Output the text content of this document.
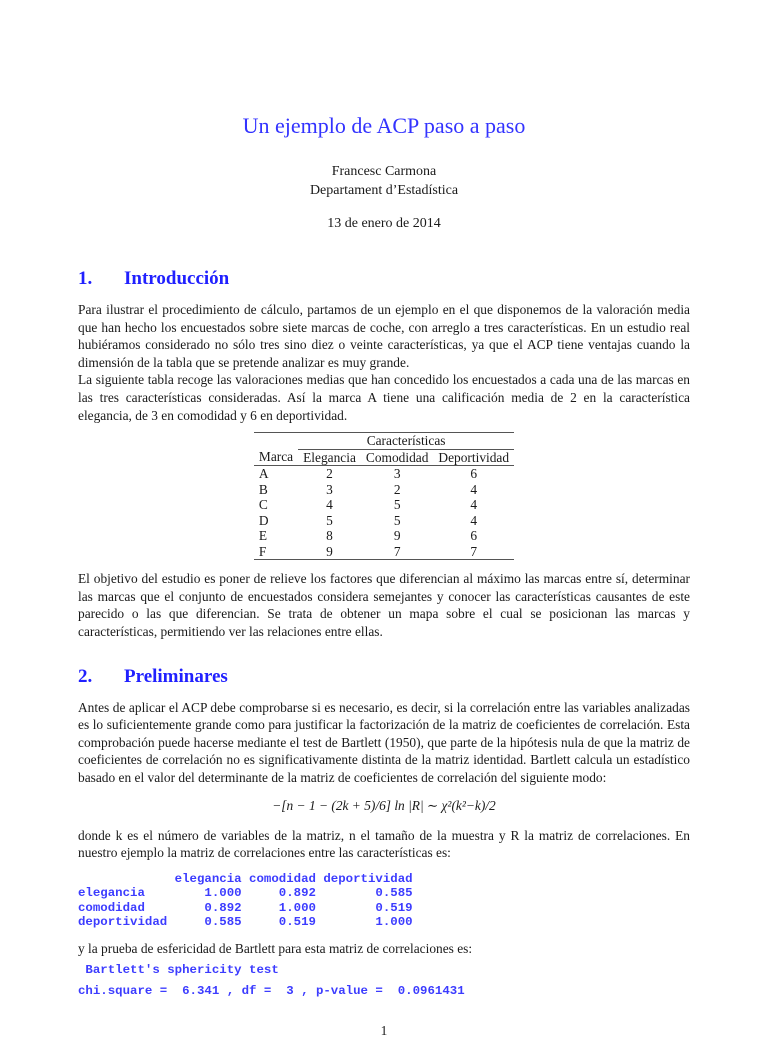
Un ejemplo de ACP paso a paso
Francesc Carmona
Departament d’Estadística
13 de enero de 2014
1. Introducción

Para ilustrar el procedimiento de cálculo, partamos de un ejemplo en el que disponemos de la valoración media que han hecho los encuestados sobre siete marcas de coche, con arreglo a tres características. En un estudio real hubiéramos considerado no sólo tres sino diez o veinte características, ya que el ACP tiene ventajas cuando la dimensión de la tabla que se pretende analizar es muy grande.

La siguiente tabla recoge las valoraciones medias que han concedido los encuestados a cada una de las marcas en las tres características consideradas. Así la marca A tiene una calificación media de 2 en la característica elegancia, de 3 en comodidad y 6 en deportividad.

	Características		
Marca	Elegancia	Comodidad	Deportividad
A	2	3	6
B	3	2	4
C	4	5	4
D	5	5	4
E	8	9	6
F	9	7	7

El objetivo del estudio es poner de relieve los factores que diferencian al máximo las marcas entre sí, determinar las marcas que el conjunto de encuestados considera semejantes y conocer las características causantes de este parecido o las que diferencian. Se trata de obtener un mapa sobre el cual se posicionan las marcas y características, permitiendo ver las relaciones entre ellas.

2. Preliminares

Antes de aplicar el ACP debe comprobarse si es necesario, es decir, si la correlación entre las variables analizadas es lo suficientemente grande como para justificar la factorización de la matriz de coeficientes de correlación. Esta comprobación puede hacerse mediante el test de Bartlett (1950), que parte de la hipótesis nula de que la matriz de coeficientes de correlación no es significativamente distinta de la matriz identidad. Bartlett calcula un estadístico basado en el valor del determinante de la matriz de coeficientes de correlación del siguiente modo:

−[n − 1 − (2k + 5)/6] ln |R| ∼ χ²(k²−k)/2

donde k es el número de variables de la matriz, n el tamaño de la muestra y R la matriz de correlaciones. En nuestro ejemplo la matriz de correlaciones entre las características es:

elegancia comodidad deportividad
elegancia        1.000     0.892        0.585
comodidad        0.892     1.000        0.519
deportividad     0.585     0.519        1.000

y la prueba de esfericidad de Bartlett para esta matriz de correlaciones es:

Bartlett's sphericity test
chi.square =  6.341 , df =  3 , p-value =  0.0961431
1
